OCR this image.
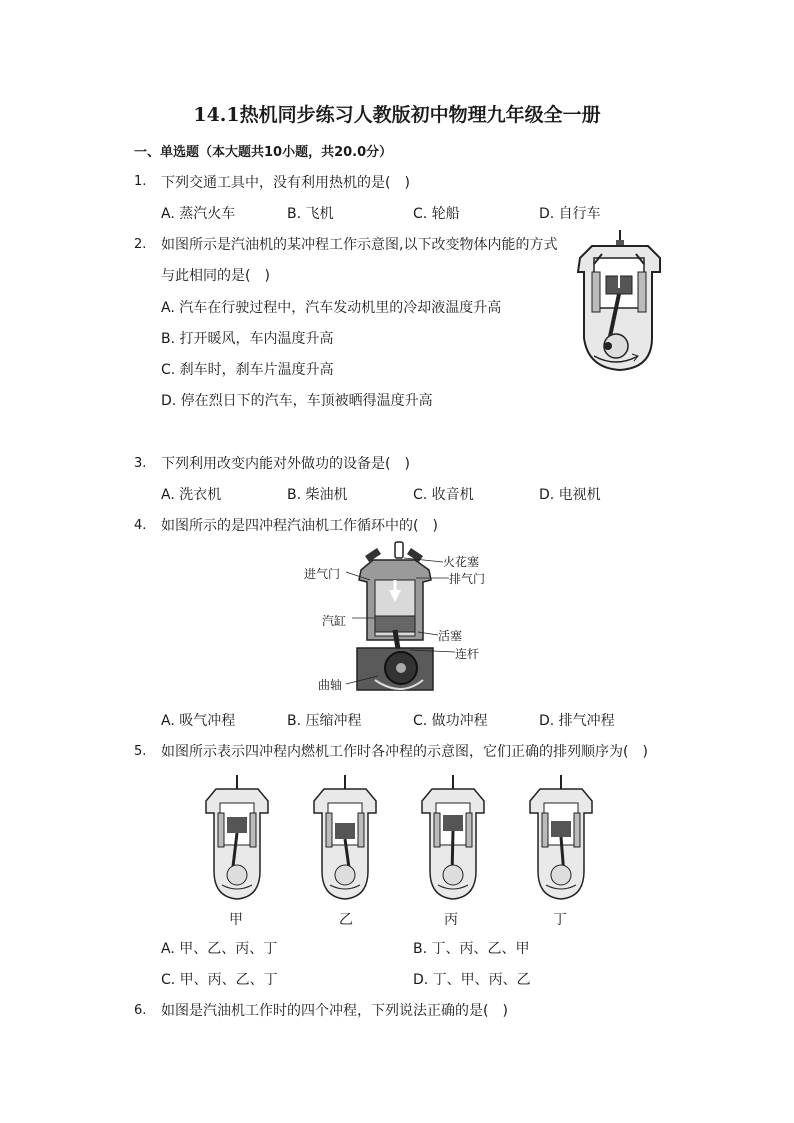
14.1热机同步练习人教版初中物理九年级全一册
一、单选题（本大题共10小题，共20.0分）
1. 下列交通工具中，没有利用热机的是(　)
A. 蒸汽火车	B. 飞机	C. 轮船	D. 自行车
2. 如图所示是汽油机的某冲程工作示意图,以下改变物体内能的方式
与此相同的是(　)
A. 汽车在行驶过程中，汽车发动机里的冷却液温度升高
B. 打开暖风，车内温度升高
C. 刹车时，刹车片温度升高
D. 停在烈日下的汽车，车顶被晒得温度升高
3. 下列利用改变内能对外做功的设备是(　)
A. 洗衣机	B. 柴油机	C. 收音机	D. 电视机
4. 如图所示的是四冲程汽油机工作循环中的(　)
进气门
火花塞
排气门
汽缸
活塞
连杆
曲轴
A. 吸气冲程	B. 压缩冲程	C. 做功冲程	D. 排气冲程
5. 如图所示表示四冲程内燃机工作时各冲程的示意图，它们正确的排列顺序为(　)
甲	乙	丙	丁
A. 甲、乙、丙、丁	B. 丁、丙、乙、甲
C. 甲、丙、乙、丁	D. 丁、甲、丙、乙
6. 如图是汽油机工作时的四个冲程，下列说法正确的是(　)
